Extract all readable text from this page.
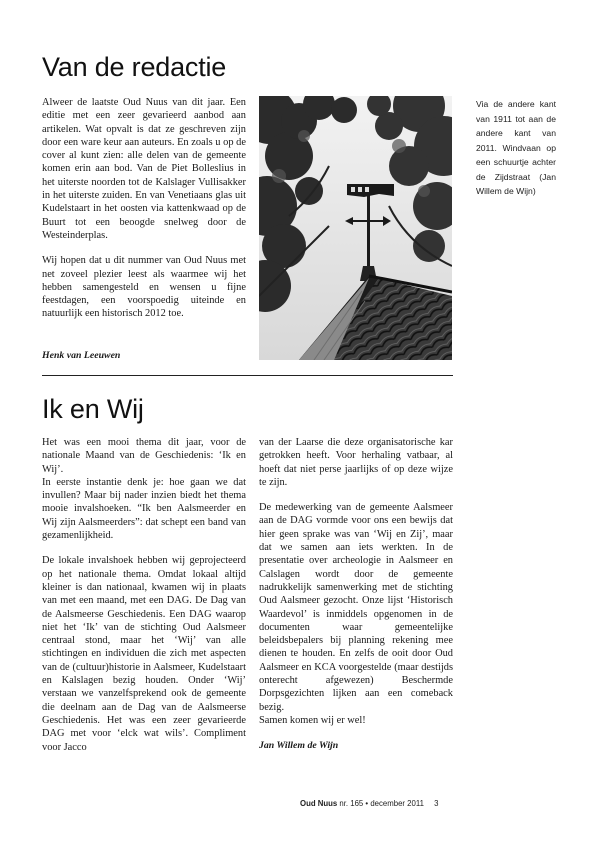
Van de redactie

Alweer de laatste Oud Nuus van dit jaar. Een editie met een zeer gevarieerd aanbod aan artikelen. Wat opvalt is dat ze geschreven zijn door een ware keur aan auteurs. En zoals u op de cover al kunt zien: alle delen van de gemeente komen erin aan bod. Van de Piet Bolleslius in het uiterste noorden tot de Kalslager Vullisakker in het uiterste zuiden. En van Venetiaans glas uit Kudelstaart in het oosten via kattenkwaad op de Buurt tot een beoogde snelweg door de Westeinderplas.

Wij hopen dat u dit nummer van Oud Nuus met net zoveel plezier leest als waarmee wij het hebben samengesteld en wensen u fijne feestdagen, een voorspoedig uiteinde en natuurlijk een historisch 2012 toe.

Henk van Leeuwen
Via de andere kant van 1911 tot aan de andere kant van 2011. Windvaan op een schuurtje achter de Zijdstraat (Jan Willem de Wijn)
Ik en Wij

Het was een mooi thema dit jaar, voor de nationale Maand van de Geschiedenis: ‘Ik en Wij’.
In eerste instantie denk je: hoe gaan we dat invullen? Maar bij nader inzien biedt het thema mooie invalshoeken. “Ik ben Aalsmeerder en Wij zijn Aalsmeerders”: dat schept een band van gezamenlijkheid.

De lokale invalshoek hebben wij geprojecteerd op het nationale thema. Omdat lokaal altijd kleiner is dan nationaal, kwamen wij in plaats van met een maand, met een DAG. De Dag van de Aalsmeerse Geschiedenis. Een DAG waarop niet het ‘Ik’ van de stichting Oud Aalsmeer centraal stond, maar het ‘Wij’ van alle stichtingen en individuen die zich met aspecten van de (cultuur)historie in Aalsmeer, Kudelstaart en Kalslagen bezig houden. Onder ‘Wij’ verstaan we vanzelfsprekend ook de gemeente die deelnam aan de Dag van de Aalsmeerse Geschiedenis. Het was een zeer gevarieerde DAG met voor ‘elck wat wils’. Compliment voor Jacco

van der Laarse die deze organisatorische kar getrokken heeft. Voor herhaling vatbaar, al hoeft dat niet perse jaarlijks of op deze wijze te zijn.

De medewerking van de gemeente Aalsmeer aan de DAG vormde voor ons een bewijs dat hier geen sprake was van ‘Wij en Zij’, maar dat we samen aan iets werkten. In de presentatie over archeologie in Aalsmeer en Calslagen wordt door de gemeente nadrukkelijk samenwerking met de stichting Oud Aalsmeer gezocht. Onze lijst ‘Historisch Waardevol’ is inmiddels opgenomen in de documenten waar gemeentelijke beleidsbepalers bij planning rekening mee dienen te houden. En zelfs de ooit door Oud Aalsmeer en KCA voorgestelde (maar destijds onterecht afgewezen) Beschermde Dorpsgezichten lijken aan een comeback bezig.
Samen komen wij er wel!

Jan Willem de Wijn
Oud Nuus nr. 165 • december 2011 3
